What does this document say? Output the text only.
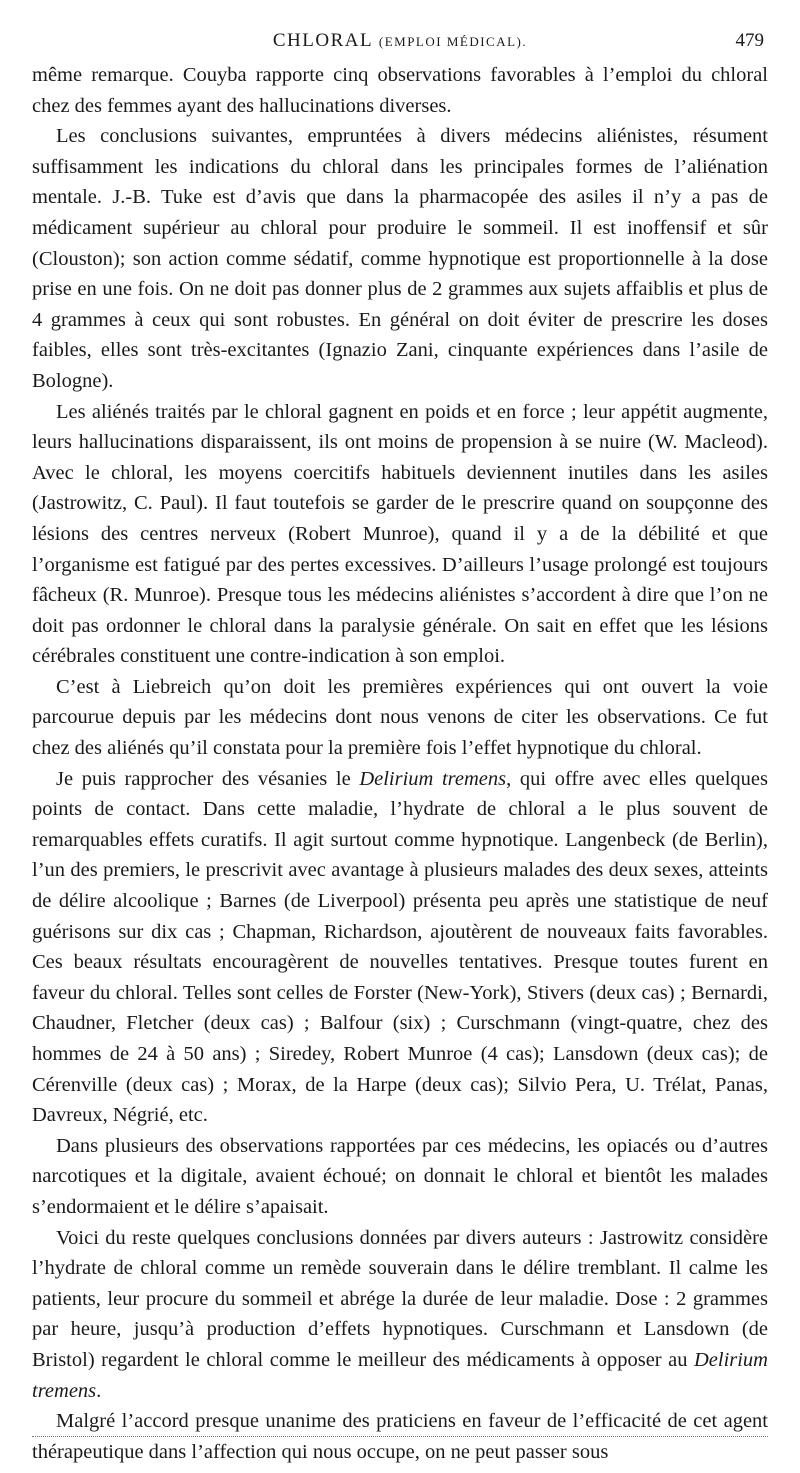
CHLORAL (EMPLOI MÉDICAL).	479

même remarque. Couyba rapporte cinq observations favorables à l’emploi du chloral chez des femmes ayant des hallucinations diverses.

Les conclusions suivantes, empruntées à divers médecins aliénistes, résument suffisamment les indications du chloral dans les principales formes de l’aliénation mentale. J.-B. Tuke est d’avis que dans la pharmacopée des asiles il n’y a pas de médicament supérieur au chloral pour produire le sommeil. Il est inoffensif et sûr (Clouston); son action comme sédatif, comme hypnotique est proportionnelle à la dose prise en une fois. On ne doit pas donner plus de 2 grammes aux sujets affaiblis et plus de 4 grammes à ceux qui sont robustes. En général on doit éviter de prescrire les doses faibles, elles sont très-excitantes (Ignazio Zani, cinquante expériences dans l’asile de Bologne).

Les aliénés traités par le chloral gagnent en poids et en force ; leur appétit augmente, leurs hallucinations disparaissent, ils ont moins de propension à se nuire (W. Macleod). Avec le chloral, les moyens coercitifs habituels deviennent inutiles dans les asiles (Jastrowitz, C. Paul). Il faut toutefois se garder de le prescrire quand on soupçonne des lésions des centres nerveux (Robert Munroe), quand il y a de la débilité et que l’organisme est fatigué par des pertes excessives. D’ailleurs l’usage prolongé est toujours fâcheux (R. Munroe). Presque tous les médecins aliénistes s’accordent à dire que l’on ne doit pas ordonner le chloral dans la paralysie générale. On sait en effet que les lésions cérébrales constituent une contre-indication à son emploi.

C’est à Liebreich qu’on doit les premières expériences qui ont ouvert la voie parcourue depuis par les médecins dont nous venons de citer les observations. Ce fut chez des aliénés qu’il constata pour la première fois l’effet hypnotique du chloral.

Je puis rapprocher des vésanies le Delirium tremens, qui offre avec elles quelques points de contact. Dans cette maladie, l’hydrate de chloral a le plus souvent de remarquables effets curatifs. Il agit surtout comme hypnotique. Langenbeck (de Berlin), l’un des premiers, le prescrivit avec avantage à plusieurs malades des deux sexes, atteints de délire alcoolique ; Barnes (de Liverpool) présenta peu après une statistique de neuf guérisons sur dix cas ; Chapman, Richardson, ajoutèrent de nouveaux faits favorables. Ces beaux résultats encouragèrent de nouvelles tentatives. Presque toutes furent en faveur du chloral. Telles sont celles de Forster (New-York), Stivers (deux cas) ; Bernardi, Chaudner, Fletcher (deux cas) ; Balfour (six) ; Curschmann (vingt-quatre, chez des hommes de 24 à 50 ans) ; Siredey, Robert Munroe (4 cas); Lansdown (deux cas); de Cérenville (deux cas) ; Morax, de la Harpe (deux cas); Silvio Pera, U. Trélat, Panas, Davreux, Négrié, etc.

Dans plusieurs des observations rapportées par ces médecins, les opiacés ou d’autres narcotiques et la digitale, avaient échoué; on donnait le chloral et bientôt les malades s’endormaient et le délire s’apaisait.

Voici du reste quelques conclusions données par divers auteurs : Jastrowitz considère l’hydrate de chloral comme un remède souverain dans le délire tremblant. Il calme les patients, leur procure du sommeil et abrége la durée de leur maladie. Dose : 2 grammes par heure, jusqu’à production d’effets hypnotiques. Curschmann et Lansdown (de Bristol) regardent le chloral comme le meilleur des médicaments à opposer au Delirium tremens.

Malgré l’accord presque unanime des praticiens en faveur de l’efficacité de cet agent thérapeutique dans l’affection qui nous occupe, on ne peut passer sous
